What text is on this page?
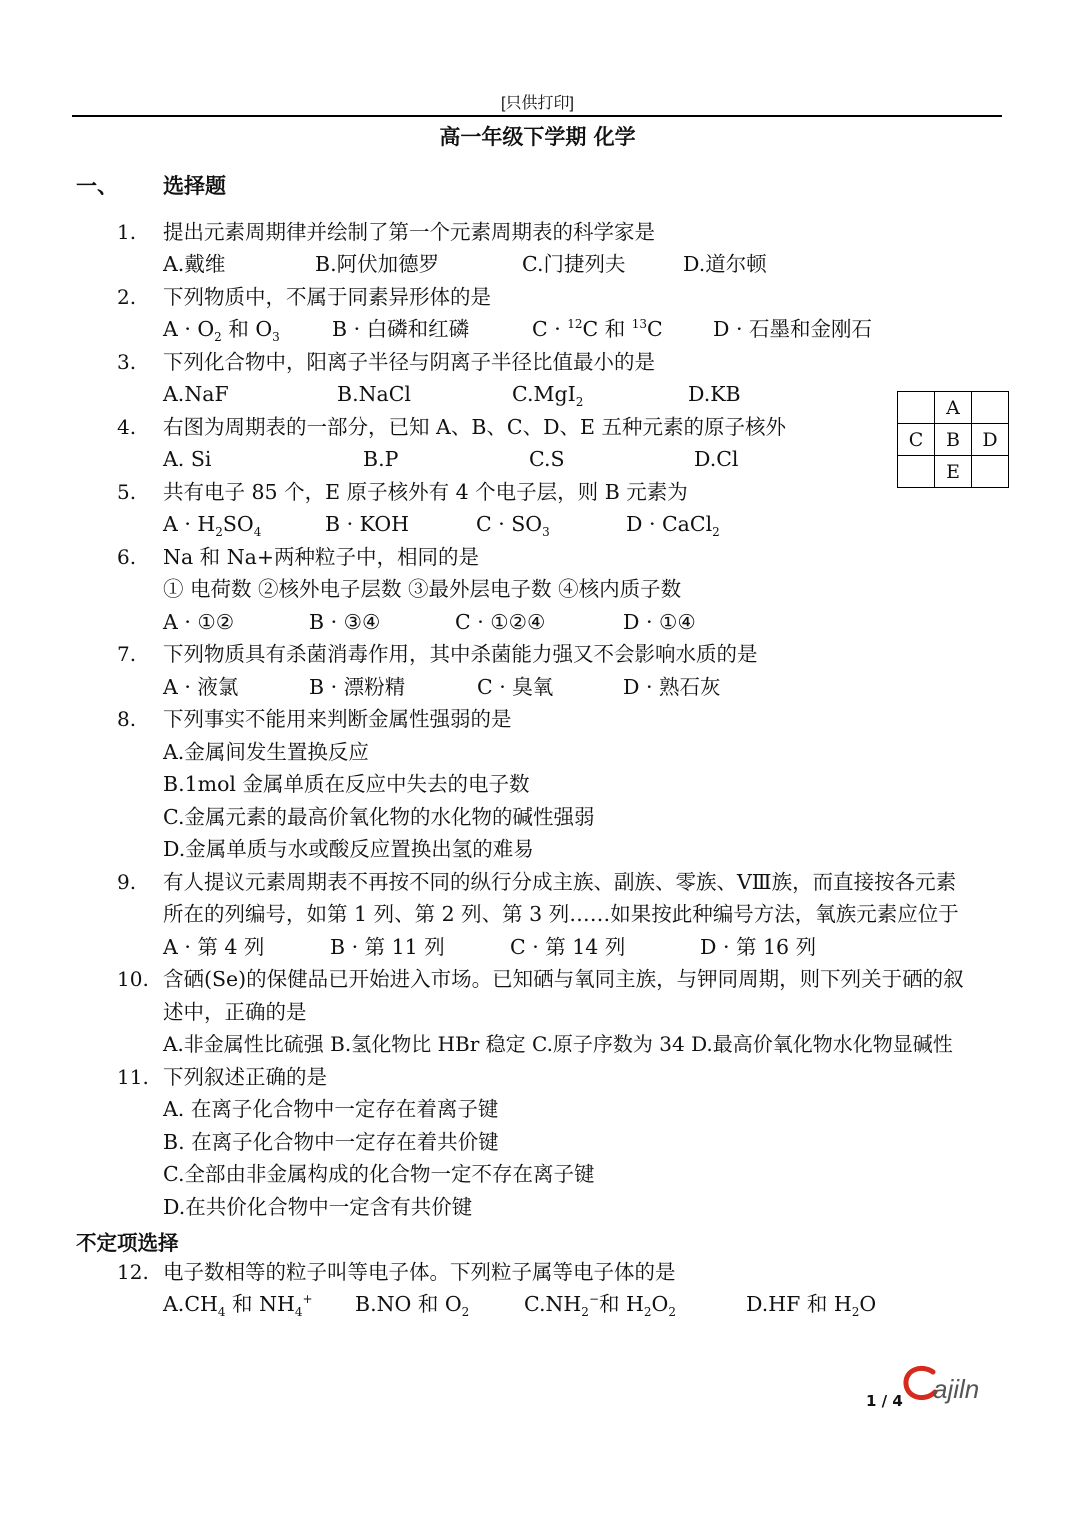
[只供打印]
高一年级下学期 化学
一、 选择题
1. 提出元素周期律并绘制了第一个元素周期表的科学家是
A.戴维	B.阿伏加德罗	C.门捷列夫	D.道尔顿
2. 下列物质中，不属于同素异形体的是
$A \cdot O_2$ 和 $O_3$	B · 白磷和红磷	C · $^{12}$C 和 $^{13}$C D · 石墨和金刚石
3. 下列化合物中，阳离子半径与阴离子半径比值最小的是
A.NaF	B.NaCl	C.MgI$_2$	D.KB
	A	
C	B	D
	E	
4. 右图为周期表的一部分，已知 A、B、C、D、E 五种元素的原子核外
A. Si	B.P	C.S	D.Cl
5. 共有电子 85 个，E 原子核外有 4 个电子层，则 B 元素为
$A \cdot H_2SO_4$	B · KOH	$C \cdot SO_3$	D · CaCl$_2$
6. Na 和 Na+两种粒子中，相同的是
① 电荷数 ②核外电子层数 ③最外层电子数 ④核内质子数
A · ①②	B · ③④	C · ①②④	D · ①④
7. 下列物质具有杀菌消毒作用，其中杀菌能力强又不会影响水质的是
A · 液氯	B · 漂粉精	C · 臭氧	D · 熟石灰
8. 下列事实不能用来判断金属性强弱的是
A.金属间发生置换反应
B.1mol 金属单质在反应中失去的电子数
C.金属元素的最高价氧化物的水化物的碱性强弱
D.金属单质与水或酸反应置换出氢的难易
9. 有人提议元素周期表不再按不同的纵行分成主族、副族、零族、VⅢ族，而直接按各元素
所在的列编号，如第 1 列、第 2 列、第 3 列……如果按此种编号方法，氧族元素应位于
A · 第 4 列	B · 第 11 列	C · 第 14 列	D · 第 16 列
10. 含硒(Se)的保健品已开始进入市场。已知硒与氧同主族，与钾同周期，则下列关于硒的叙
述中，正确的是
A.非金属性比硫强 B.氢化物比 HBr 稳定 C.原子序数为 34 D.最高价氧化物水化物显碱性
11. 下列叙述正确的是
A. 在离子化合物中一定存在着离子键
B. 在离子化合物中一定存在着共价键
C.全部由非金属构成的化合物一定不存在离子键
D.在共价化合物中一定含有共价键
不定项选择
12. 电子数相等的粒子叫等电子体。下列粒子属等电子体的是
$A.CH_4$ 和 $NH_4^+$ B.NO 和 $O_2$	$C.NH_2^-$和 $H_2O_2$	D.HF 和 $H_2O$
1 / 4 ajiln
